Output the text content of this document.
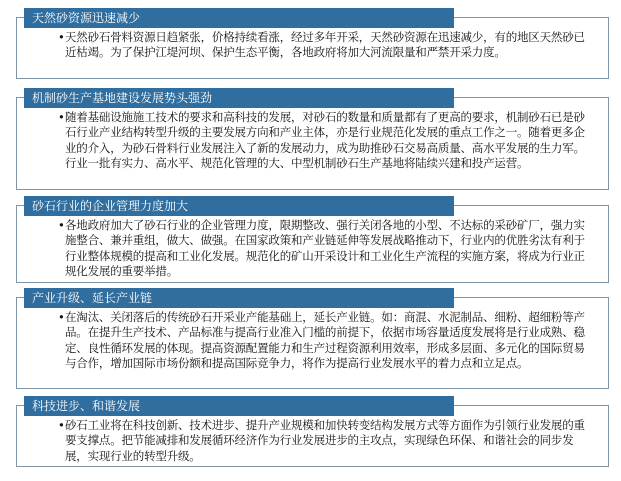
天然砂资源迅速减少
•天然砂石骨料资源日趋紧张，价格持续看涨，经过多年开采，天然砂资源在迅速减少，有的地区天然砂已近枯竭。为了保护江堤河坝、保护生态平衡，各地政府将加大河流限量和严禁开采力度。
机制砂生产基地建设发展势头强劲
•随着基础设施施工技术的要求和高科技的发展，对砂石的数量和质量都有了更高的要求，机制砂石已是砂石行业产业结构转型升级的主要发展方向和产业主体，亦是行业规范化发展的重点工作之一。随着更多企业的介入，为砂石骨料行业发展注入了新的发展动力，成为助推砂石交易高质量、高水平发展的生力军。行业一批有实力、高水平、规范化管理的大、中型机制砂石生产基地将陆续兴建和投产运营。
砂石行业的企业管理力度加大
•各地政府加大了砂石行业的企业管理力度，限期整改、强行关闭各地的小型、不达标的采砂矿厂，强力实施整合、兼并重组，做大、做强。在国家政策和产业链延伸等发展战略推动下，行业内的优胜劣汰有利于行业整体规模的提高和工业化发展。规范化的矿山开采设计和工业化生产流程的实施方案，将成为行业正规化发展的重要举措。
产业升级、延长产业链
•在淘汰、关闭落后的传统砂石开采业产能基础上，延长产业链。如：商混、水泥制品、细粉、超细粉等产品。在提升生产技术、产品标准与提高行业准入门槛的前提下，依据市场容量适度发展将是行业成熟、稳定、良性循环发展的体现。提高资源配置能力和生产过程资源利用效率，形成多层面、多元化的国际贸易与合作，增加国际市场份额和提高国际竞争力，将作为提高行业发展水平的着力点和立足点。
科技进步、和谐发展
•砂石工业将在科技创新、技术进步、提升产业规模和加快转变结构发展方式等方面作为引领行业发展的重要支撑点。把节能减排和发展循环经济作为行业发展进步的主攻点，实现绿色环保、和谐社会的同步发展，实现行业的转型升级。
